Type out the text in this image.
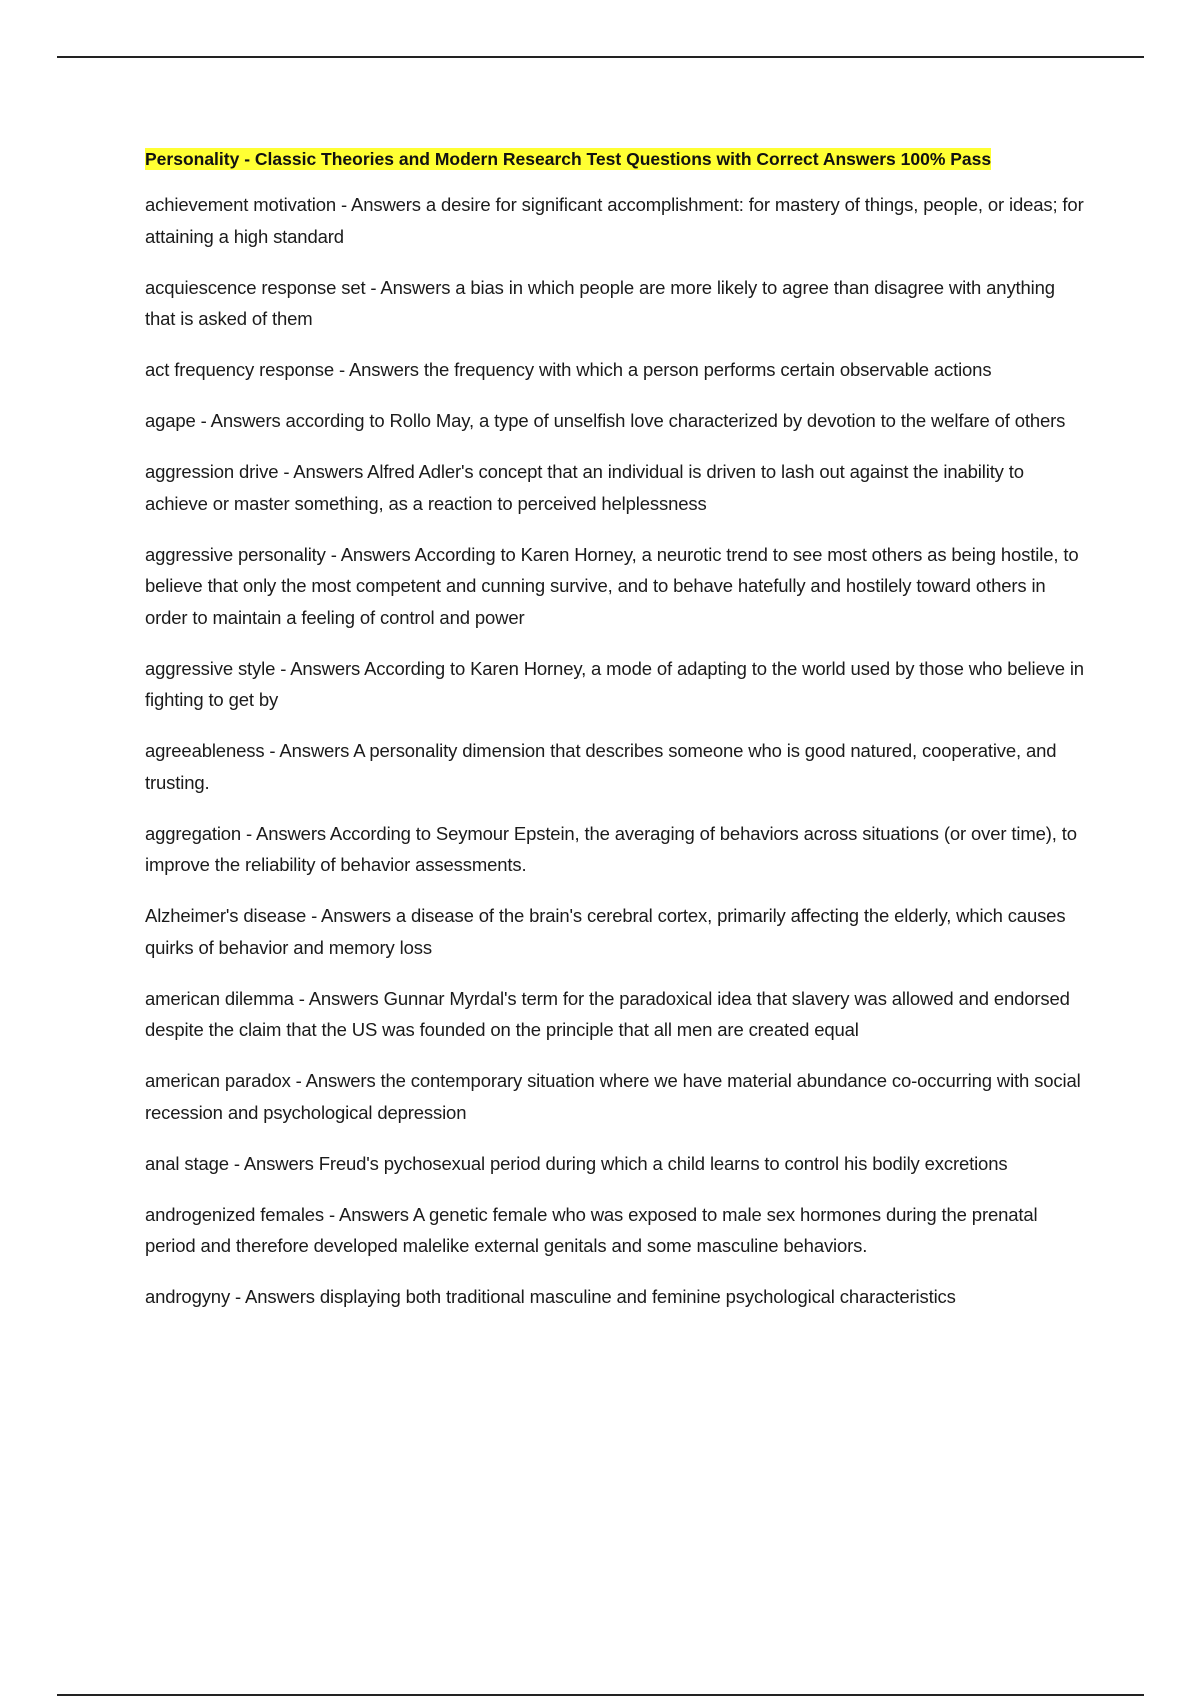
Personality - Classic Theories and Modern Research Test Questions with Correct Answers 100% Pass
achievement motivation - Answers a desire for significant accomplishment: for mastery of things, people, or ideas; for attaining a high standard
acquiescence response set - Answers a bias in which people are more likely to agree than disagree with anything that is asked of them
act frequency response - Answers the frequency with which a person performs certain observable actions
agape - Answers according to Rollo May, a type of unselfish love characterized by devotion to the welfare of others
aggression drive - Answers Alfred Adler's concept that an individual is driven to lash out against the inability to achieve or master something, as a reaction to perceived helplessness
aggressive personality - Answers According to Karen Horney, a neurotic trend to see most others as being hostile, to believe that only the most competent and cunning survive, and to behave hatefully and hostilely toward others in order to maintain a feeling of control and power
aggressive style - Answers According to Karen Horney, a mode of adapting to the world used by those who believe in fighting to get by
agreeableness - Answers A personality dimension that describes someone who is good natured, cooperative, and trusting.
aggregation - Answers According to Seymour Epstein, the averaging of behaviors across situations (or over time), to improve the reliability of behavior assessments.
Alzheimer's disease - Answers a disease of the brain's cerebral cortex, primarily affecting the elderly, which causes quirks of behavior and memory loss
american dilemma - Answers Gunnar Myrdal's term for the paradoxical idea that slavery was allowed and endorsed despite the claim that the US was founded on the principle that all men are created equal
american paradox - Answers the contemporary situation where we have material abundance co-occurring with social recession and psychological depression
anal stage - Answers Freud's pychosexual period during which a child learns to control his bodily excretions
androgenized females - Answers A genetic female who was exposed to male sex hormones during the prenatal period and therefore developed malelike external genitals and some masculine behaviors.
androgyny - Answers displaying both traditional masculine and feminine psychological characteristics
